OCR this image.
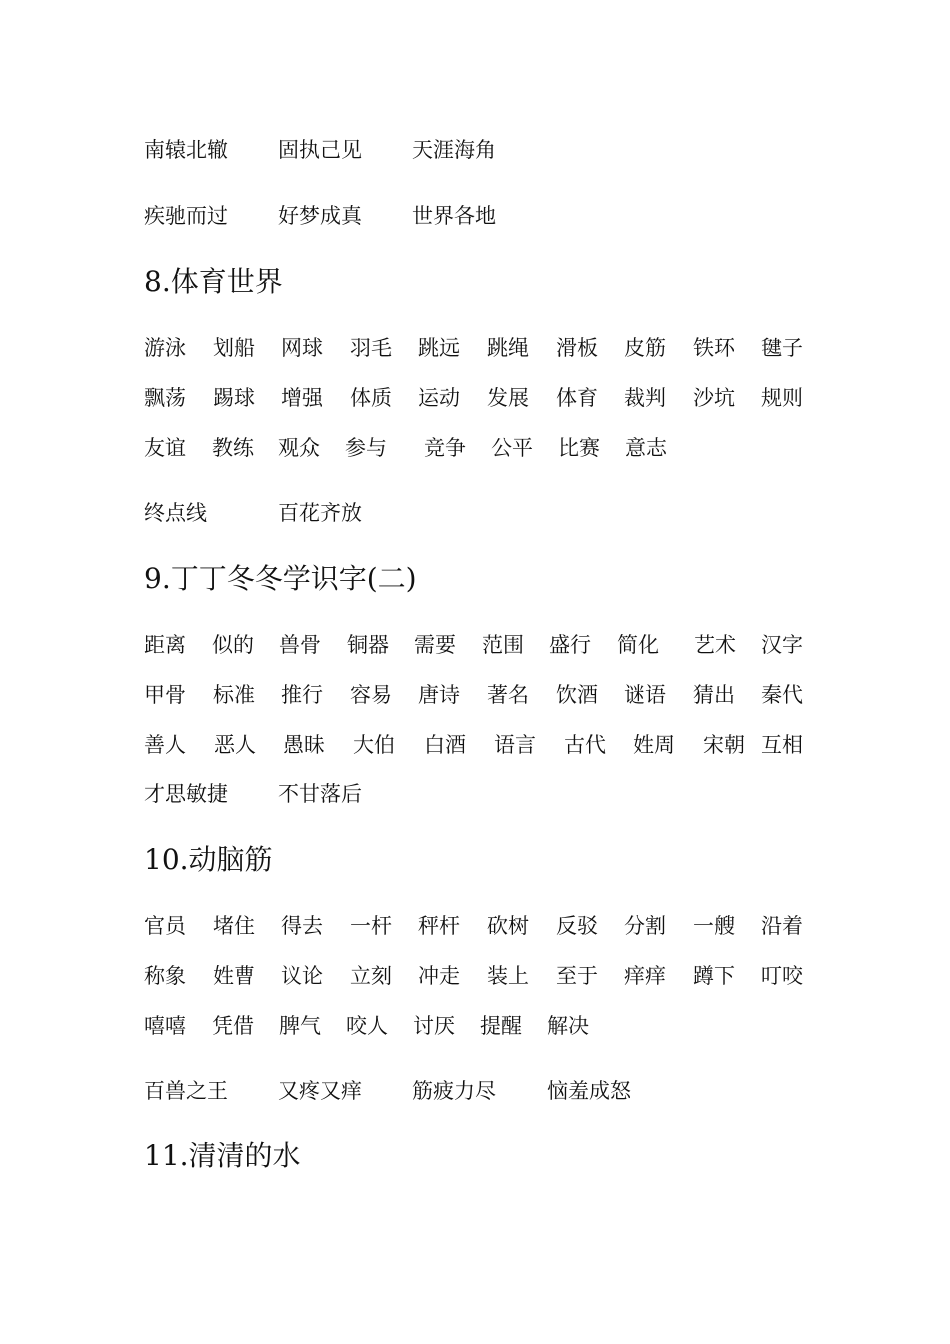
南辕北辙 固执己见 天涯海角
疾驰而过 好梦成真 世界各地
8.体育世界
游泳 划船 网球 羽毛 跳远 跳绳 滑板 皮筋 铁环 毽子
飘荡 踢球 增强 体质 运动 发展 体育 裁判 沙坑 规则
友谊 教练 观众 参与 竞争 公平 比赛 意志
终点线	百花齐放
9.丁丁冬冬学识字(二)
距离 似的 兽骨 铜器 需要 范围 盛行 简化 艺术 汉字
甲骨 标准 推行 容易 唐诗 著名 饮酒 谜语 猜出 秦代
善人 恶人 愚昧 大伯 白酒 语言 古代 姓周 宋朝 互相
才思敏捷 不甘落后
10.动脑筋
官员 堵住 得去 一杆 秤杆 砍树 反驳 分割 一艘 沿着
称象 姓曹 议论 立刻 冲走 装上 至于 痒痒 蹲下 叮咬
嘻嘻 凭借 脾气 咬人 讨厌 提醒 解决
百兽之王 又疼又痒 筋疲力尽 恼羞成怒
11.清清的水
